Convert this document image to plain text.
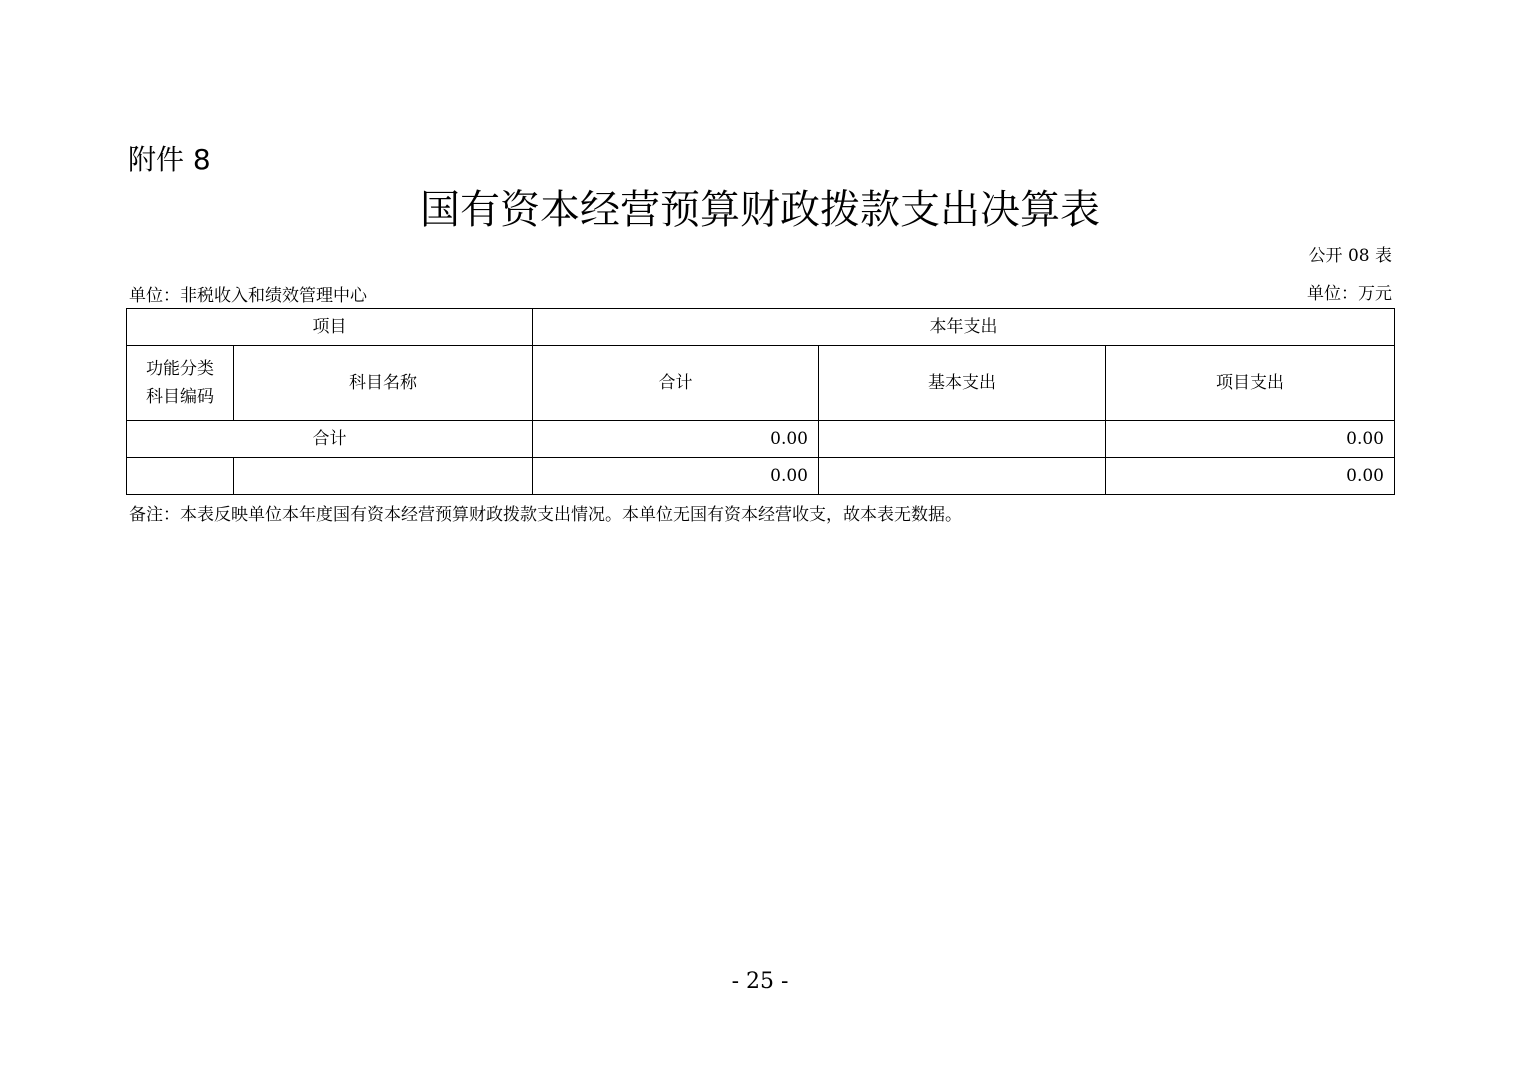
附件 8
国有资本经营预算财政拨款支出决算表
公开 08 表
单位：非税收入和绩效管理中心	单位：万元
项目		本年支出		

功能分类
科目编码	科目名称	合计	基本支出	项目支出
合计		0.00		0.00
		0.00		0.00
备注：本表反映单位本年度国有资本经营预算财政拨款支出情况。本单位无国有资本经营收支，故本表无数据。
- 25 -
